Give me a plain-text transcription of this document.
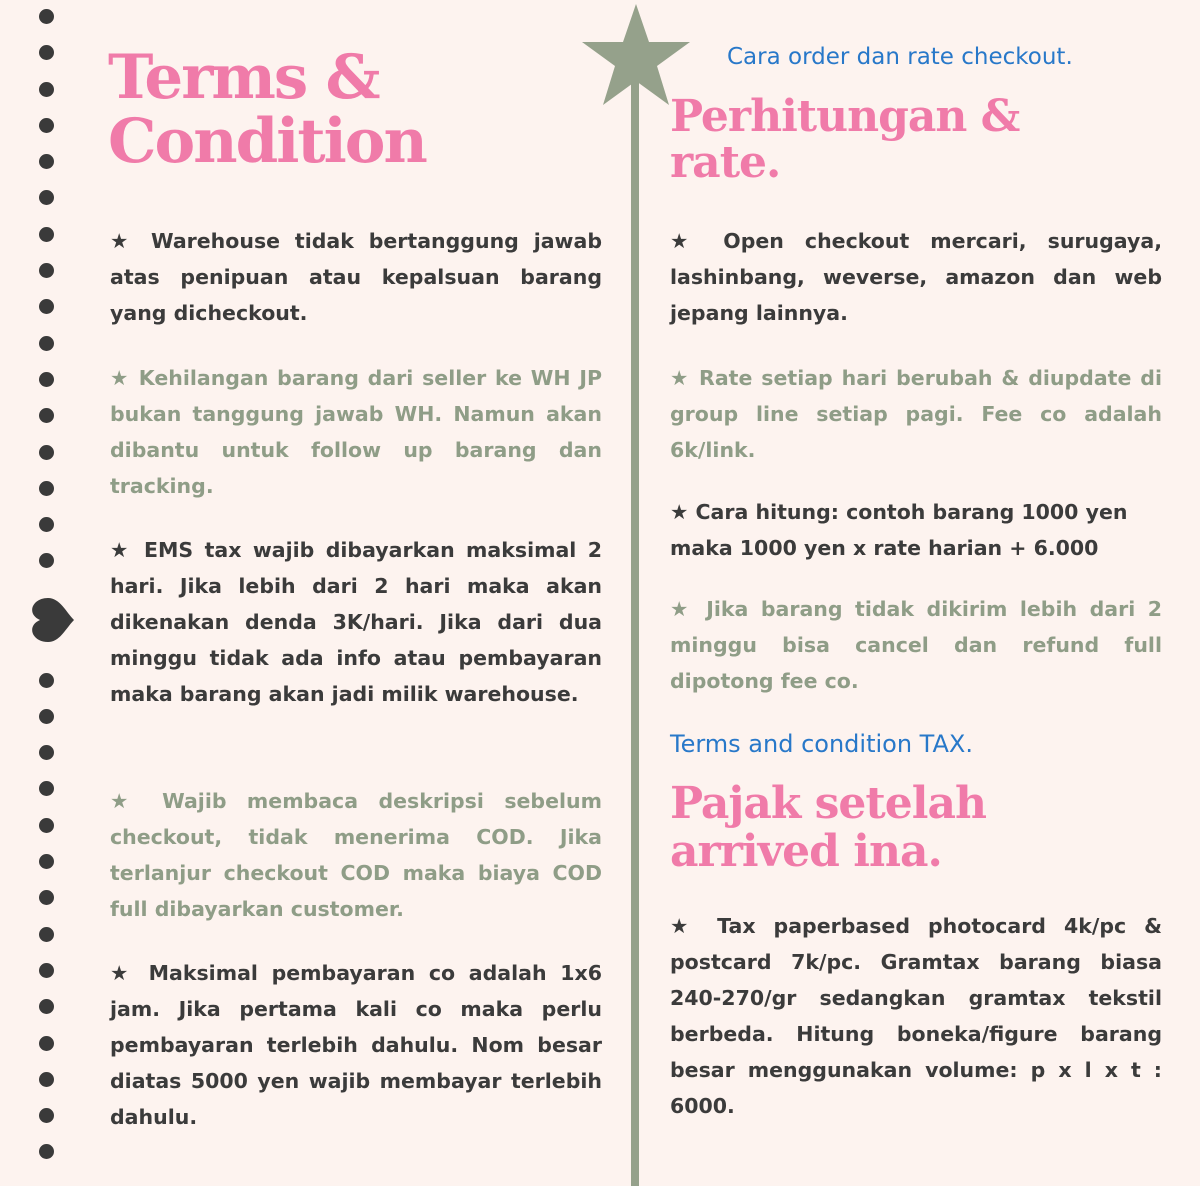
Terms &
Condition

★ Warehouse tidak bertanggung jawab atas penipuan atau kepalsuan barang yang dicheckout.

★ Kehilangan barang dari seller ke WH JP bukan tanggung jawab WH. Namun akan dibantu untuk follow up barang dan tracking.

★ EMS tax wajib dibayarkan maksimal 2 hari. Jika lebih dari 2 hari maka akan dikenakan denda 3K/hari. Jika dari dua minggu tidak ada info atau pembayaran maka barang akan jadi milik warehouse.

★ Wajib membaca deskripsi sebelum checkout, tidak menerima COD. Jika terlanjur checkout COD maka biaya COD full dibayarkan customer.

★ Maksimal pembayaran co adalah 1x6 jam. Jika pertama kali co maka perlu pembayaran terlebih dahulu. Nom besar diatas 5000 yen wajib membayar terlebih dahulu.

Cara order dan rate checkout.

Perhitungan &
rate.

★ Open checkout mercari, surugaya, lashinbang, weverse, amazon dan web jepang lainnya.

★ Rate setiap hari berubah & diupdate di group line setiap pagi. Fee co adalah 6k/link.

★ Cara hitung: contoh barang 1000 yen maka 1000 yen x rate harian + 6.000

★ Jika barang tidak dikirim lebih dari 2 minggu bisa cancel dan refund full dipotong fee co.

Terms and condition TAX.

Pajak setelah
arrived ina.

★ Tax paperbased photocard 4k/pc & postcard 7k/pc. Gramtax barang biasa 240-270/gr sedangkan gramtax tekstil berbeda. Hitung boneka/figure barang besar menggunakan volume: p x l x t : 6000.
